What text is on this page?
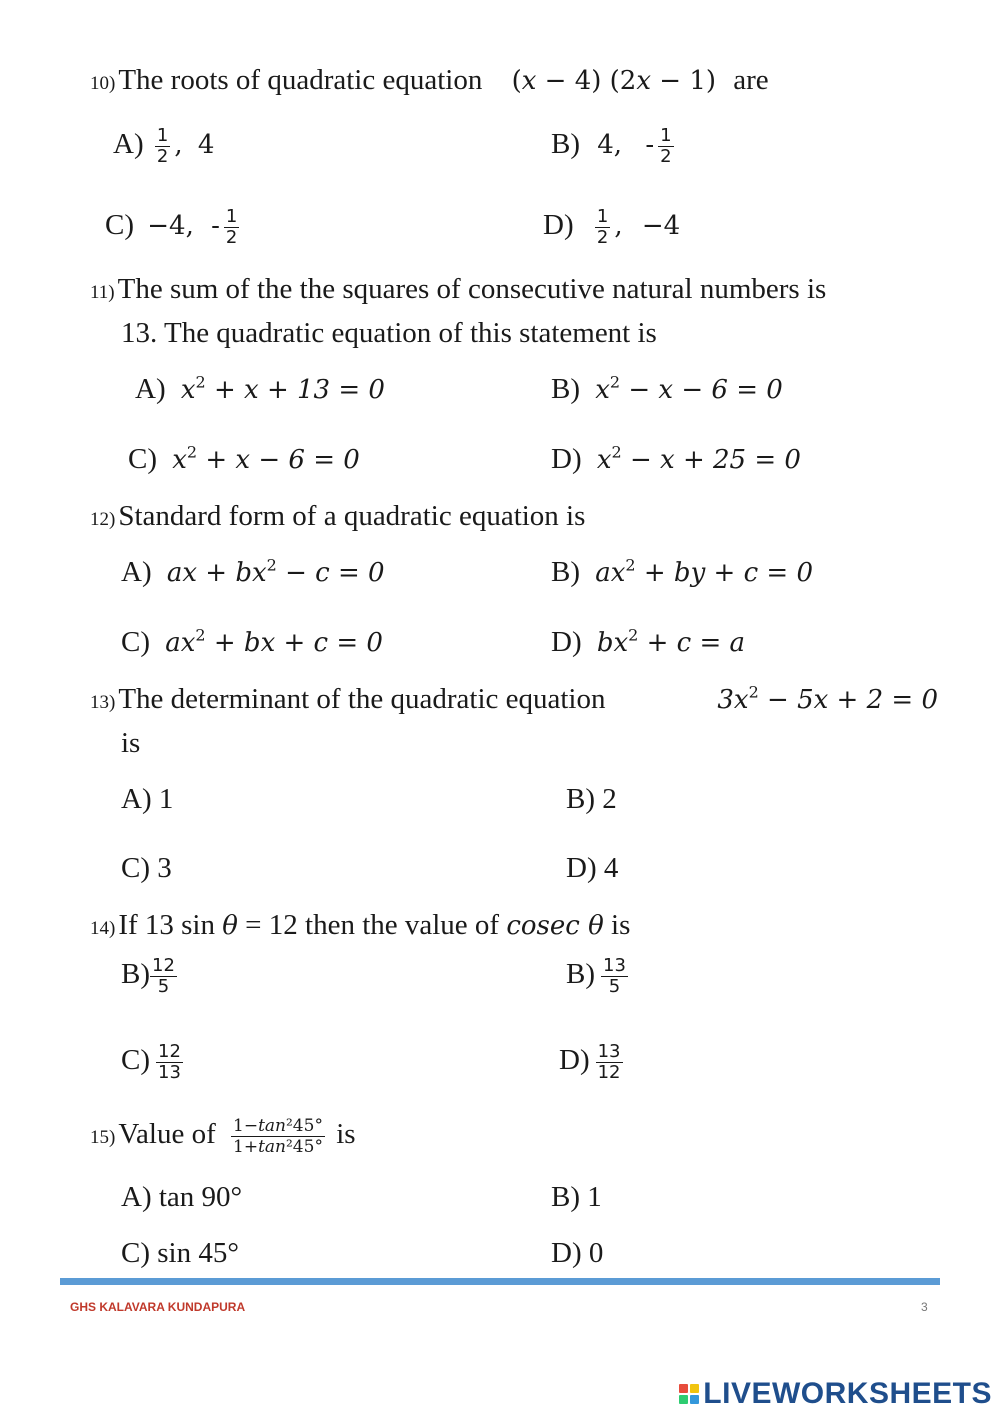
10) The roots of quadratic equation (𝑥 − 4) (2𝑥 − 1) are
$A) \frac{1}{2}$ , 4	B) 4, - $\frac{1}{2}$
C) −4, - $\frac{1}{2}$	$D) \frac{1}{2}$ , −4
11) The sum of the the squares of consecutive natural numbers is
13. The quadratic equation of this statement is
A) 𝑥$^2$ + 𝑥 + 13 = 0	B) 𝑥$^2$ − 𝑥 − 6 = 0
C) 𝑥$^2$ + 𝑥 − 6 = 0	D) 𝑥$^2$ − 𝑥 + 25 = 0
12) Standard form of a quadratic equation is
A) 𝑎𝑥 + 𝑏𝑥$^2$ − 𝑐 = 0	B) 𝑎𝑥$^2$ + 𝑏𝑦 + 𝑐 = 0
C) 𝑎𝑥$^2$ + 𝑏𝑥 + 𝑐 = 0	D) 𝑏𝑥$^2$ + 𝑐 = 𝑎
13) The determinant of the quadratic equation	3𝑥$^2$ − 5𝑥 + 2 = 0
is
A) 1	B) 2
C) 3	D) 4
14) If 13 sin 𝜃 = 12 then the value of 𝑐𝑜𝑠𝑒𝑐 𝜃 is
$B) \frac{12}{5}$	$B) \frac{13}{5}$
$C) \frac{12}{13}$	$D) \frac{13}{12}$
15) Value of $\frac{\text{1−𝑡𝑎𝑛²45°}}{\text{1+𝑡𝑎𝑛²45°}}$ is
A) tan 90°	B) 1
C) sin 45°	D) 0
GHS KALAVARA KUNDAPURA	3
LIVEWORKSHEETS
